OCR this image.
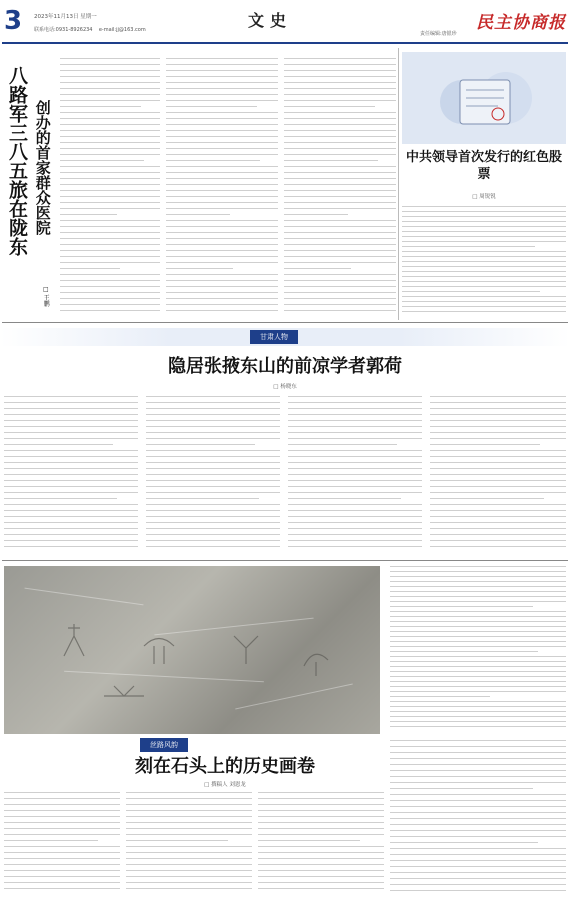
3 2023年11月13日 星期一
联系电话:0931-8926234 e-mail:jj@163.com	文史
责任编辑:唐银珍
民主协商报
八路军三八五旅在陇东 创办的首家群众医院
□ 王鹏
中共领导首次发行的红色股票
□ 周锐锐
甘肃人物
隐居张掖东山的前凉学者郭荷
□ 杨晓东
丝路风韵
刻在石头上的历史画卷
□ 撰稿人 刘恩龙
